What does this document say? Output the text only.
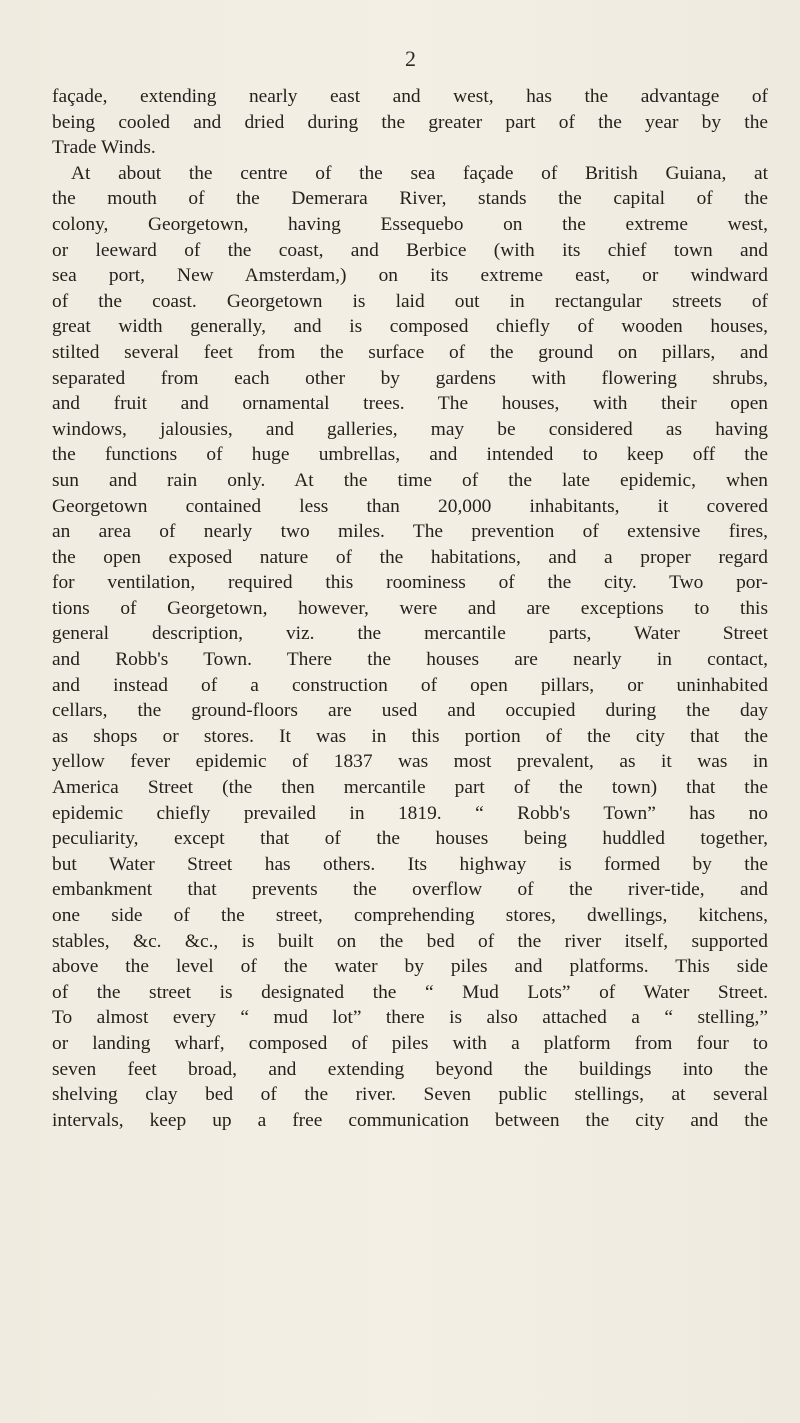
2

façade, extending nearly east and west, has the advantage of
being cooled and dried during the greater part of the year by the
Trade Winds.

At about the centre of the sea façade of British Guiana, at
the mouth of the Demerara River, stands the capital of the
colony, Georgetown, having Essequebo on the extreme west,
or leeward of the coast, and Berbice (with its chief town and
sea port, New Amsterdam,) on its extreme east, or windward
of the coast. Georgetown is laid out in rectangular streets of
great width generally, and is composed chiefly of wooden houses,
stilted several feet from the surface of the ground on pillars, and
separated from each other by gardens with flowering shrubs,
and fruit and ornamental trees. The houses, with their open
windows, jalousies, and galleries, may be considered as having
the functions of huge umbrellas, and intended to keep off the
sun and rain only. At the time of the late epidemic, when
Georgetown contained less than 20,000 inhabitants, it covered
an area of nearly two miles. The prevention of extensive fires,
the open exposed nature of the habitations, and a proper regard
for ventilation, required this roominess of the city. Two por-
tions of Georgetown, however, were and are exceptions to this
general description, viz. the mercantile parts, Water Street
and Robb's Town. There the houses are nearly in contact,
and instead of a construction of open pillars, or uninhabited
cellars, the ground-floors are used and occupied during the day
as shops or stores. It was in this portion of the city that the
yellow fever epidemic of 1837 was most prevalent, as it was in
America Street (the then mercantile part of the town) that the
epidemic chiefly prevailed in 1819. “ Robb's Town” has no
peculiarity, except that of the houses being huddled together,
but Water Street has others. Its highway is formed by the
embankment that prevents the overflow of the river-tide, and
one side of the street, comprehending stores, dwellings, kitchens,
stables, &c. &c., is built on the bed of the river itself, supported
above the level of the water by piles and platforms. This side
of the street is designated the “ Mud Lots” of Water Street.
To almost every “ mud lot” there is also attached a “ stelling,”
or landing wharf, composed of piles with a platform from four to
seven feet broad, and extending beyond the buildings into the
shelving clay bed of the river. Seven public stellings, at several
intervals, keep up a free communication between the city and the
